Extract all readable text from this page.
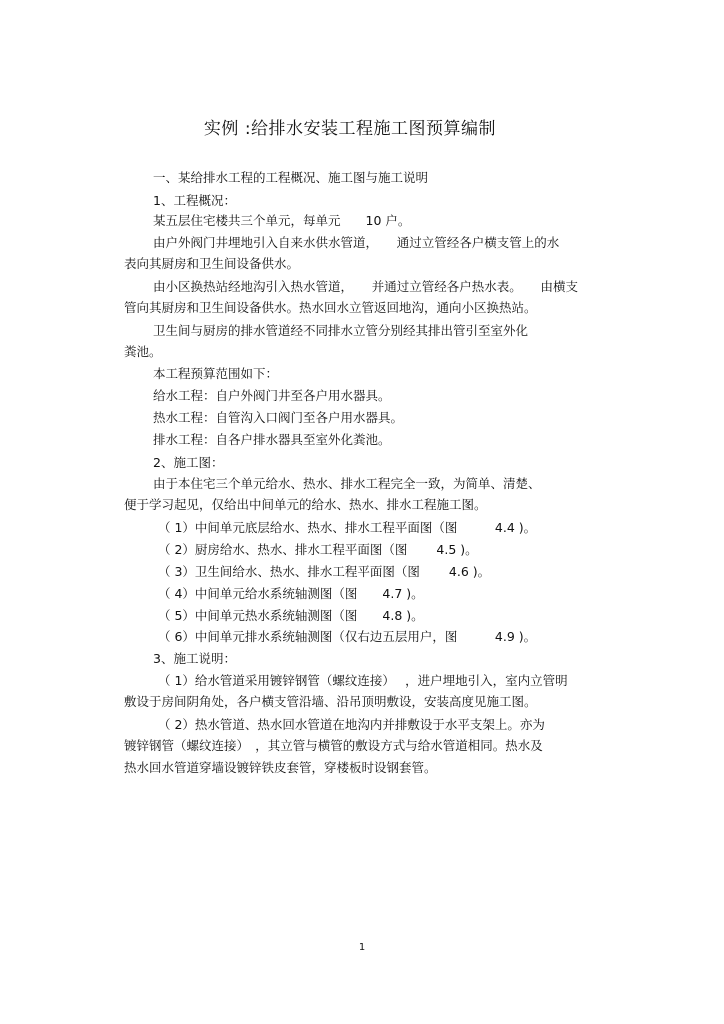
实例 :给排水安装工程施工图预算编制
一、某给排水工程的工程概况、施工图与施工说明
1、工程概况：
某五层住宅楼共三个单元，每单元　　10 户。
由户外阀门井埋地引入自来水供水管道，　　通过立管经各户横支管上的水
表向其厨房和卫生间设备供水。
由小区换热站经地沟引入热水管道，　　并通过立管经各户热水表。　　由横支
管向其厨房和卫生间设备供水。热水回水立管返回地沟，通向小区换热站。
卫生间与厨房的排水管道经不同排水立管分别经其排出管引至室外化
粪池。
本工程预算范围如下：
给水工程：自户外阀门井至各户用水器具。
热水工程：自管沟入口阀门至各户用水器具。
排水工程：自各户排水器具至室外化粪池。
2、施工图：
由于本住宅三个单元给水、热水、排水工程完全一致，为简单、清楚、
便于学习起见，仅给出中间单元的给水、热水、排水工程施工图。
（ 1）中间单元底层给水、热水、排水工程平面图（图　　　4.4 )。
（ 2）厨房给水、热水、排水工程平面图（图　　 4.5 )。
（ 3）卫生间给水、热水、排水工程平面图（图　　 4.6 )。
（ 4）中间单元给水系统轴测图（图　　4.7 )。
（ 5）中间单元热水系统轴测图（图　　4.8 )。
（ 6）中间单元排水系统轴测图（仅右边五层用户，图　　　4.9 )。
3、施工说明：
（ 1）给水管道采用镀锌钢管（螺纹连接）　 ，进户埋地引入，室内立管明
敷设于房间阴角处，各户横支管沿墙、沿吊顶明敷设，安装高度见施工图。
（ 2）热水管道、热水回水管道在地沟内并排敷设于水平支架上。亦为
镀锌钢管（螺纹连接）　，其立管与横管的敷设方式与给水管道相同。热水及
热水回水管道穿墙设镀锌铁皮套管，穿楼板时设钢套管。
1
